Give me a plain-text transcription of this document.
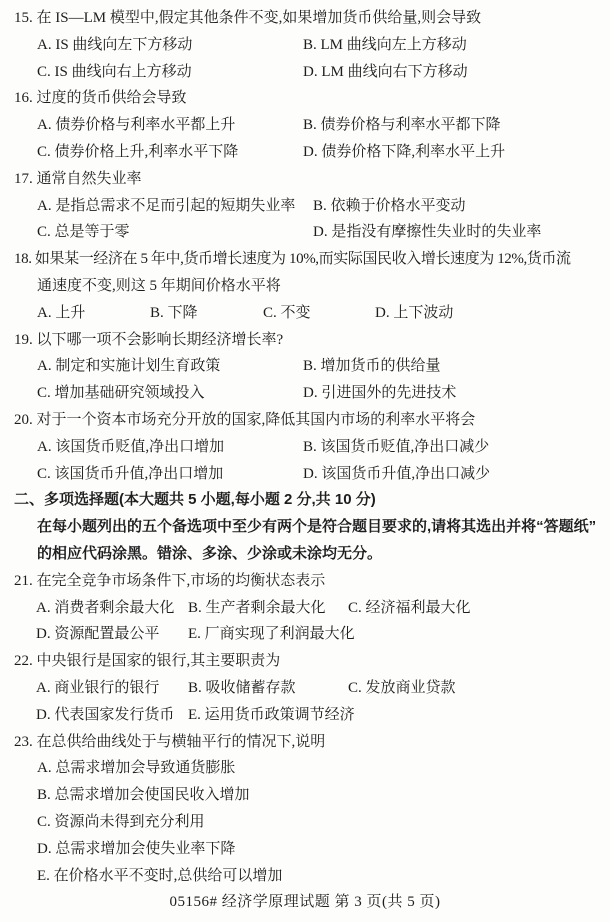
15. 在 IS—LM 模型中,假定其他条件不变,如果增加货币供给量,则会导致
A. IS 曲线向左下方移动	B. LM 曲线向左上方移动
C. IS 曲线向右上方移动	D. LM 曲线向右下方移动
16. 过度的货币供给会导致
A. 债券价格与利率水平都上升	B. 债券价格与利率水平都下降
C. 债券价格上升,利率水平下降	D. 债券价格下降,利率水平上升
17. 通常自然失业率
A. 是指总需求不足而引起的短期失业率 B. 依赖于价格水平变动
C. 总是等于零	D. 是指没有摩擦性失业时的失业率
18. 如果某一经济在 5 年中,货币增长速度为 10%,而实际国民收入增长速度为 12%,货币流
通速度不变,则这 5 年期间价格水平将
A. 上升	B. 下降	C. 不变	D. 上下波动
19. 以下哪一项不会影响长期经济增长率?
A. 制定和实施计划生育政策	B. 增加货币的供给量
C. 增加基础研究领域投入	D. 引进国外的先进技术
20. 对于一个资本市场充分开放的国家,降低其国内市场的利率水平将会
A. 该国货币贬值,净出口增加	B. 该国货币贬值,净出口减少
C. 该国货币升值,净出口增加	D. 该国货币升值,净出口减少
二、多项选择题(本大题共 5 小题,每小题 2 分,共 10 分)
在每小题列出的五个备选项中至少有两个是符合题目要求的,请将其选出并将“答题纸”
的相应代码涂黑。错涂、多涂、少涂或未涂均无分。
21. 在完全竞争市场条件下,市场的均衡状态表示
A. 消费者剩余最大化 B. 生产者剩余最大化 C. 经济福利最大化
D. 资源配置最公平 E. 厂商实现了利润最大化
22. 中央银行是国家的银行,其主要职责为
A. 商业银行的银行 B. 吸收储蓄存款	C. 发放商业贷款
D. 代表国家发行货币 E. 运用货币政策调节经济
23. 在总供给曲线处于与横轴平行的情况下,说明
A. 总需求增加会导致通货膨胀
B. 总需求增加会使国民收入增加
C. 资源尚未得到充分利用
D. 总需求增加会使失业率下降
E. 在价格水平不变时,总供给可以增加
05156# 经济学原理试题 第 3 页(共 5 页)
